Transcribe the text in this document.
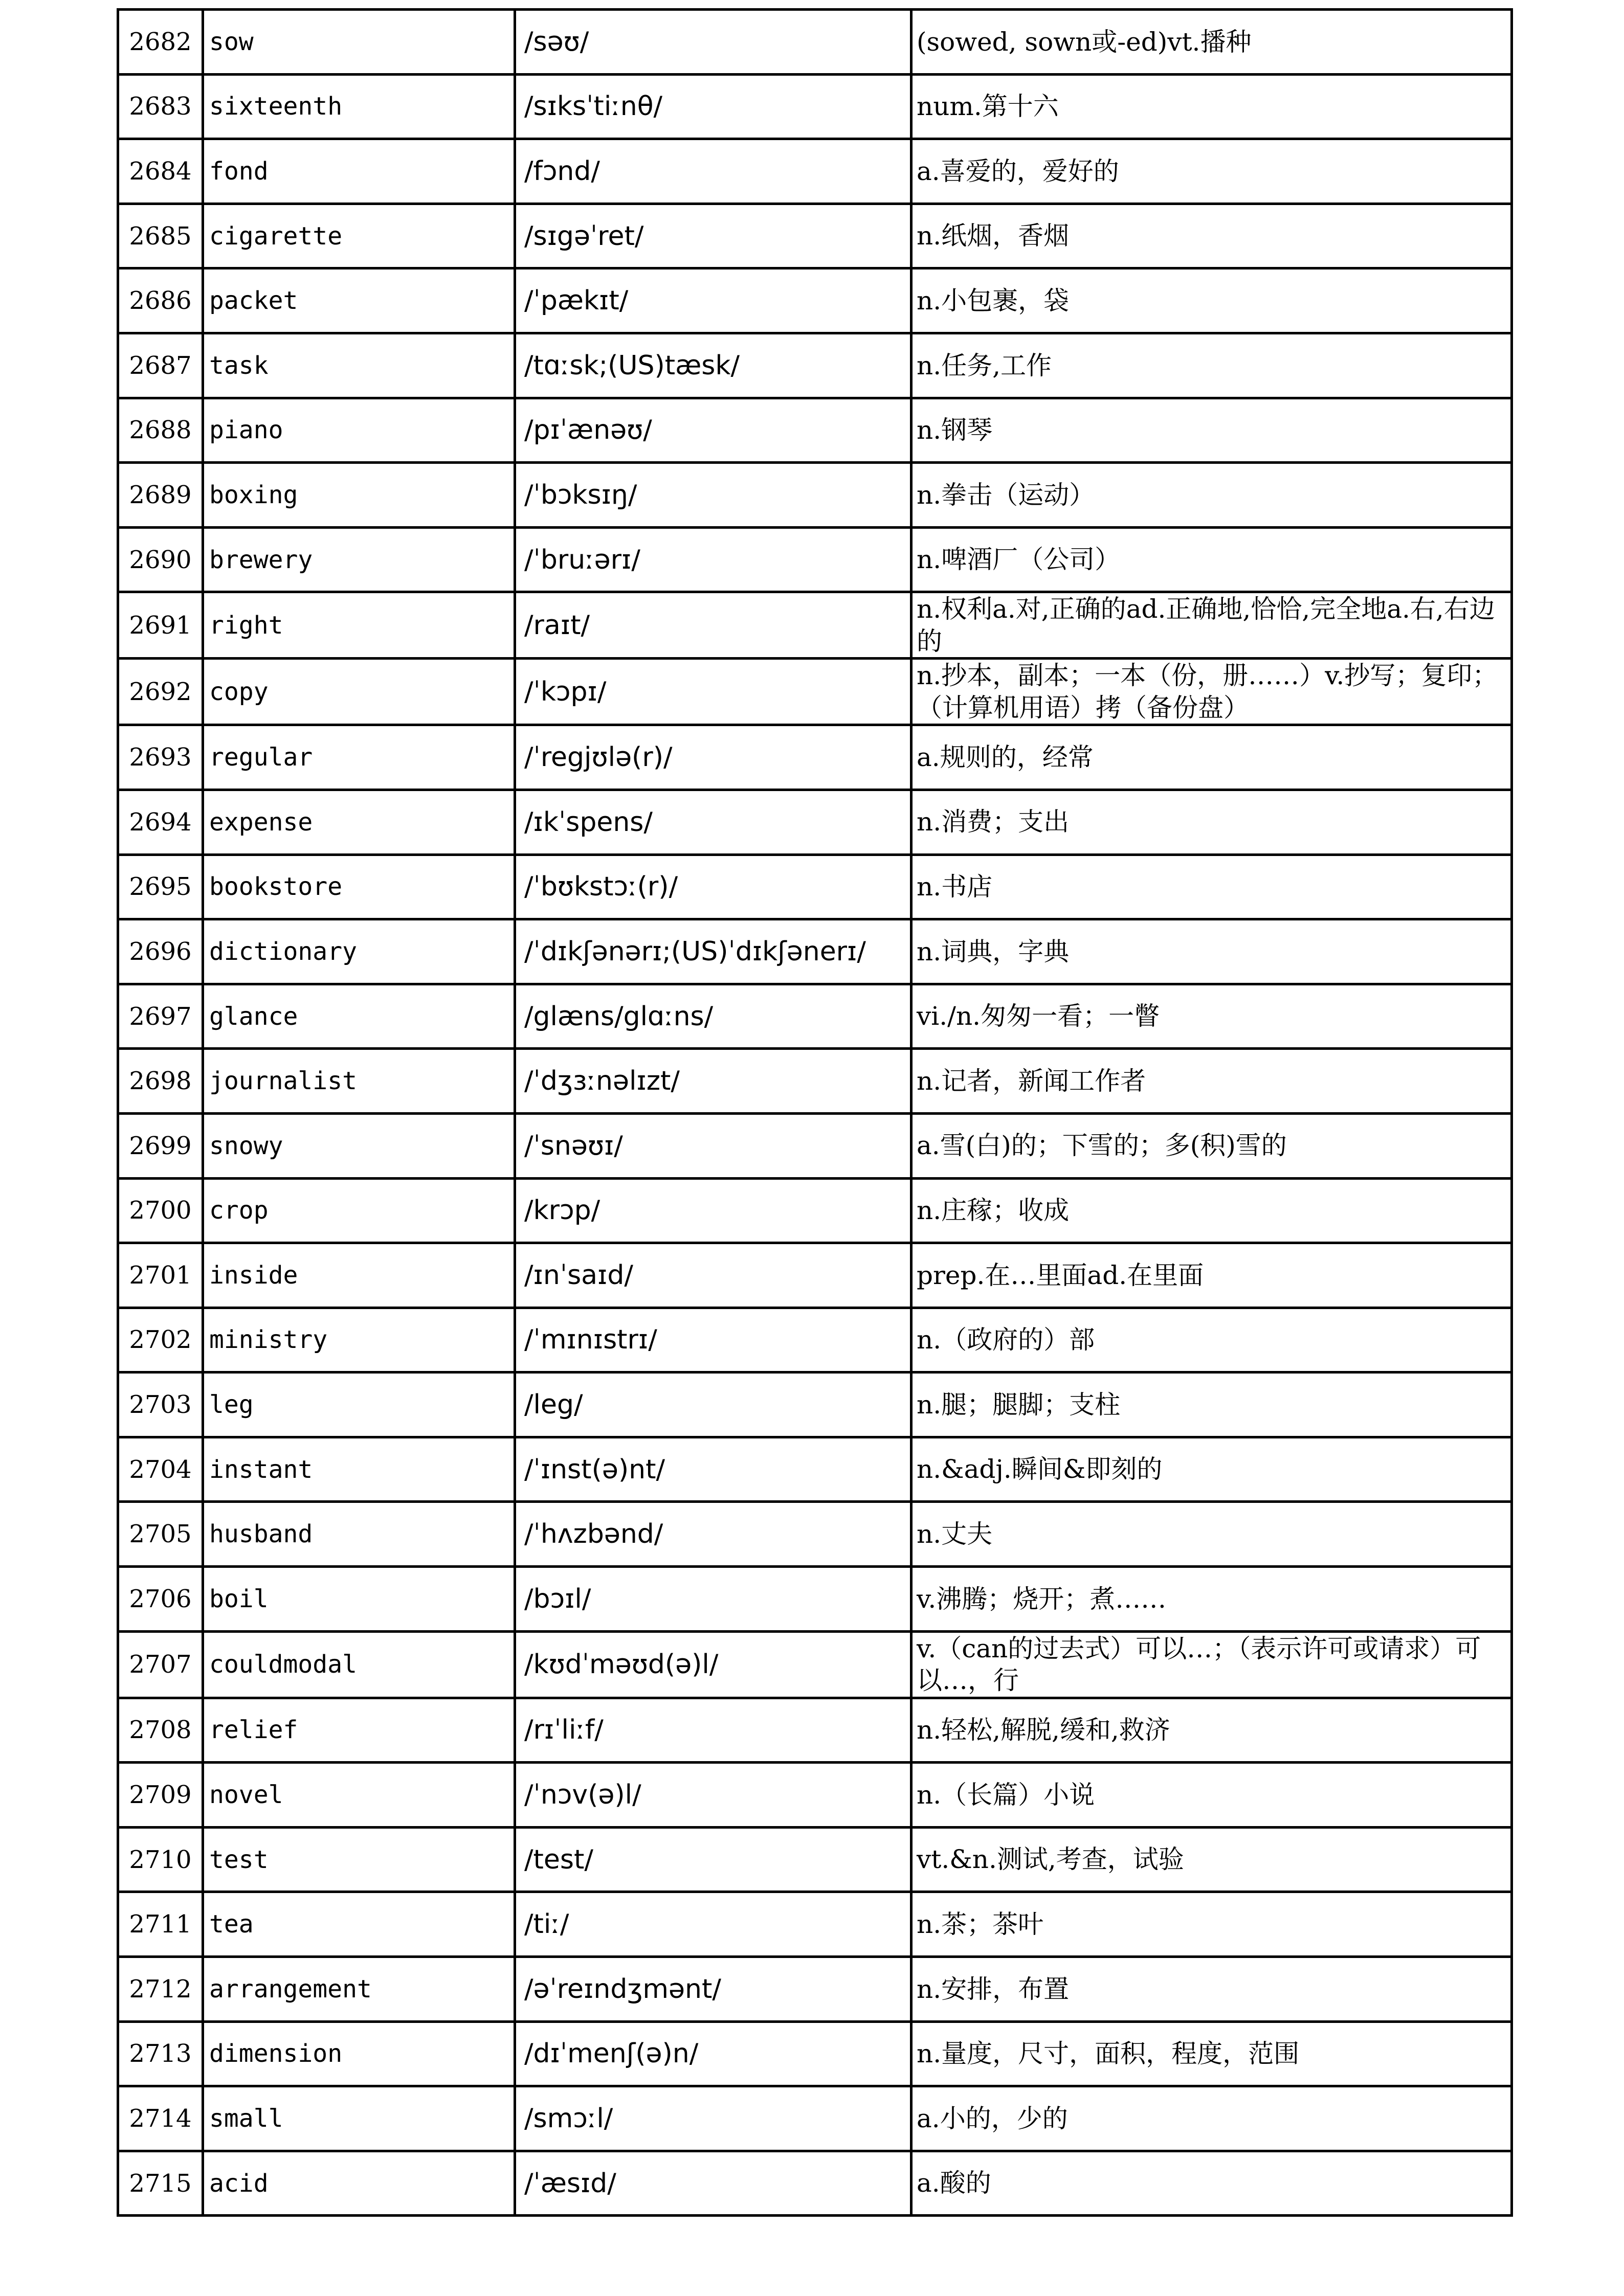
2682	sow	/səʊ/	(sowed, sown或-ed)vt.播种
2683	sixteenth	/sɪksˈtiːnθ/	num.第十六
2684	fond	/fɔnd/	a.喜爱的，爱好的
2685	cigarette	/sɪgəˈret/	n.纸烟，香烟
2686	packet	/ˈpækɪt/	n.小包裹，袋
2687	task	/tɑːsk;(US)tæsk/	n.任务,工作
2688	piano	/pɪˈænəʊ/	n.钢琴
2689	boxing	/ˈbɔksɪŋ/	n.拳击（运动）
2690	brewery	/ˈbruːərɪ/	n.啤酒厂（公司）
2691	right	/raɪt/	n.权利a.对,正确的ad.正确地,恰恰,完全地a.右,右边的
2692	copy	/ˈkɔpɪ/	n.抄本，副本；一本（份，册……）v.抄写；复印；（计算机用语）拷（备份盘）
2693	regular	/ˈregjʊlə(r)/	a.规则的，经常
2694	expense	/ɪkˈspens/	n.消费；支出
2695	bookstore	/ˈbʊkstɔː(r)/	n.书店
2696	dictionary	/ˈdɪkʃənərɪ;(US)ˈdɪkʃənerɪ/	n.词典，字典
2697	glance	/glæns/glɑːns/	vi./n.匆匆一看；一瞥
2698	journalist	/ˈdʒɜːnəlɪzt/	n.记者，新闻工作者
2699	snowy	/ˈsnəʊɪ/	a.雪(白)的；下雪的；多(积)雪的
2700	crop	/krɔp/	n.庄稼；收成
2701	inside	/ɪnˈsaɪd/	prep.在…里面ad.在里面
2702	ministry	/ˈmɪnɪstrɪ/	n.（政府的）部
2703	leg	/leg/	n.腿；腿脚；支柱
2704	instant	/ˈɪnst(ə)nt/	n.&adj.瞬间&即刻的
2705	husband	/ˈhʌzbənd/	n.丈夫
2706	boil	/bɔɪl/	v.沸腾；烧开；煮……
2707	couldmodal	/kʊdˈməʊd(ə)l/	v.（can的过去式）可以…；（表示许可或请求）可以…，行
2708	relief	/rɪˈliːf/	n.轻松,解脱,缓和,救济
2709	novel	/ˈnɔv(ə)l/	n.（长篇）小说
2710	test	/test/	vt.&n.测试,考查，试验
2711	tea	/tiː/	n.茶；茶叶
2712	arrangement	/əˈreɪndʒmənt/	n.安排，布置
2713	dimension	/dɪˈmenʃ(ə)n/	n.量度，尺寸，面积，程度，范围
2714	small	/smɔːl/	a.小的，少的
2715	acid	/ˈæsɪd/	a.酸的
